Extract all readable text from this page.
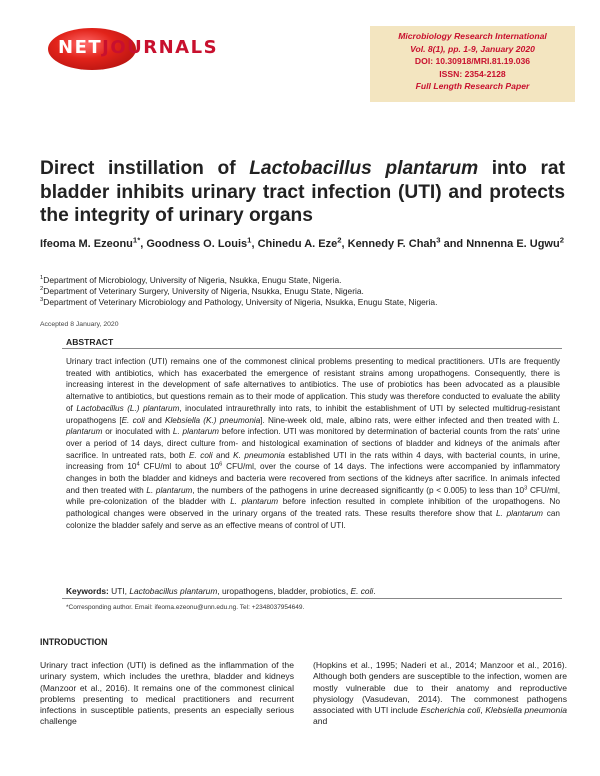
NETJOURNALS
Microbiology Research International
Vol. 8(1), pp. 1-9, January 2020
DOI: 10.30918/MRI.81.19.036
ISSN: 2354-2128
Full Length Research Paper
Direct instillation of Lactobacillus plantarum into rat bladder inhibits urinary tract infection (UTI) and protects the integrity of urinary organs
Ifeoma M. Ezeonu$^{1*}$, Goodness O. Louis$^1$, Chinedu A. Eze$^2$, Kennedy F. Chah$^3$ and Nnnenna E. Ugwu$^2$
$^1$Department of Microbiology, University of Nigeria, Nsukka, Enugu State, Nigeria.
$^2$Department of Veterinary Surgery, University of Nigeria, Nsukka, Enugu State, Nigeria.
$^3$Department of Veterinary Microbiology and Pathology, University of Nigeria, Nsukka, Enugu State, Nigeria.
Accepted 8 January, 2020
ABSTRACT
Urinary tract infection (UTI) remains one of the commonest clinical problems presenting to medical practitioners. UTIs are frequently treated with antibiotics, which has exacerbated the emergence of resistant strains among uropathogens. Consequently, there is increasing interest in the development of safe alternatives to antibiotics. The use of probiotics has been advocated as a plausible alternative to antibiotics, but questions remain as to their mode of application. This study was therefore conducted to evaluate the ability of Lactobacillus (L.) plantarum, inoculated intraurethrally into rats, to inhibit the establishment of UTI by selected multidrug-resistant uropathogens [E. coli and Klebsiella (K.) pneumonia]. Nine-week old, male, albino rats, were either infected and then treated with L. plantarum or inoculated with L. plantarum before infection. UTI was monitored by determination of bacterial counts from the rats' urine over a period of 14 days, direct culture from- and histological examination of sections of bladder and kidneys of the animals after sacrifice. In untreated rats, both E. coli and K. pneumonia established UTI in the rats within 4 days, with bacterial counts, in urine, increasing from $10^4$ CFU/ml to about $10^6$ CFU/ml, over the course of 14 days. The infections were accompanied by inflammatory changes in both the bladder and kidneys and bacteria were recovered from sections of the kidneys after sacrifice. In animals infected and then treated with L. plantarum, the numbers of the pathogens in urine decreased significantly (p < 0.005) to less than $10^3$ CFU/ml, while pre-colonization of the bladder with L. plantarum before infection resulted in complete inhibition of the uropathogens. No pathological changes were observed in the urinary organs of the treated rats. These results therefore show that L. plantarum can colonize the bladder safely and serve as an effective means of control of UTI.
Keywords: UTI, Lactobacillus plantarum, uropathogens, bladder, probiotics, E. coli.
*Corresponding author. Email: ifeoma.ezeonu@unn.edu.ng. Tel: +2348037954649.
INTRODUCTION
Urinary tract infection (UTI) is defined as the inflammation of the urinary system, which includes the urethra, bladder and kidneys (Manzoor et al., 2016). It remains one of the commonest clinical problems presenting to medical practitioners and recurrent infections in susceptible patients, presents an especially serious challenge
(Hopkins et al., 1995; Naderi et al., 2014; Manzoor et al., 2016). Although both genders are susceptible to the infection, women are mostly vulnerable due to their anatomy and reproductive physiology (Vasudevan, 2014). The commonest pathogens associated with UTI include Escherichia coli, Klebsiella pneumonia and
